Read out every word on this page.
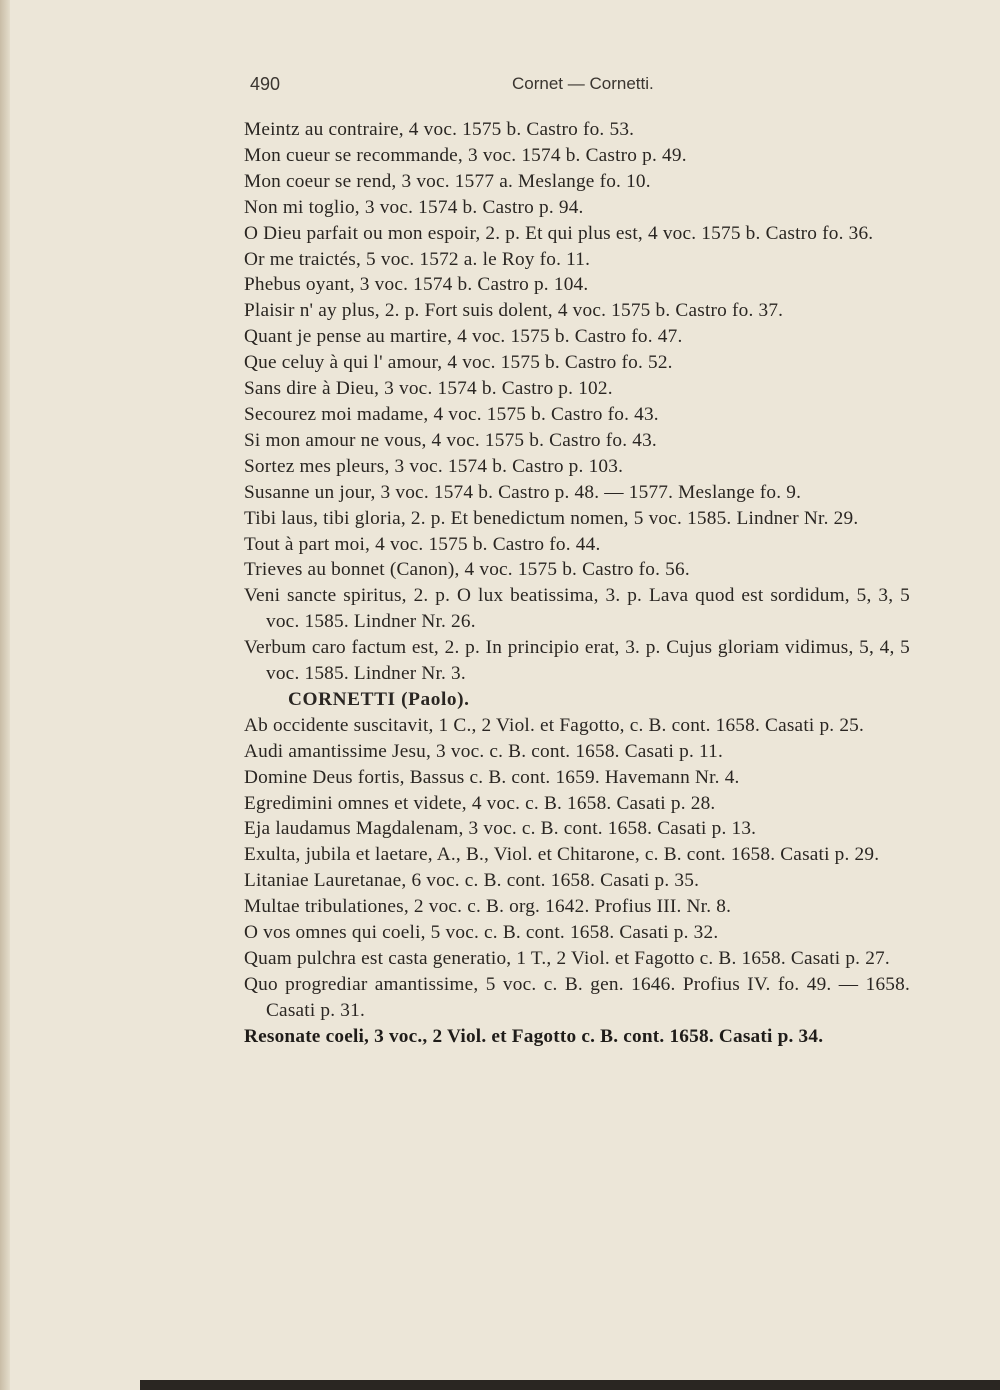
490	Cornet — Cornetti.

Meintz au contraire, 4 voc. 1575 b. Castro fo. 53.

Mon cueur se recommande, 3 voc. 1574 b. Castro p. 49.

Mon coeur se rend, 3 voc. 1577 a. Meslange fo. 10.

Non mi toglio, 3 voc. 1574 b. Castro p. 94.

O Dieu parfait ou mon espoir, 2. p. Et qui plus est, 4 voc. 1575 b. Castro fo. 36.

Or me traictés, 5 voc. 1572 a. le Roy fo. 11.

Phebus oyant, 3 voc. 1574 b. Castro p. 104.

Plaisir n' ay plus, 2. p. Fort suis dolent, 4 voc. 1575 b. Castro fo. 37.

Quant je pense au martire, 4 voc. 1575 b. Castro fo. 47.

Que celuy à qui l' amour, 4 voc. 1575 b. Castro fo. 52.

Sans dire à Dieu, 3 voc. 1574 b. Castro p. 102.

Secourez moi madame, 4 voc. 1575 b. Castro fo. 43.

Si mon amour ne vous, 4 voc. 1575 b. Castro fo. 43.

Sortez mes pleurs, 3 voc. 1574 b. Castro p. 103.

Susanne un jour, 3 voc. 1574 b. Castro p. 48. — 1577. Meslange fo. 9.

Tibi laus, tibi gloria, 2. p. Et benedictum nomen, 5 voc. 1585. Lindner Nr. 29.

Tout à part moi, 4 voc. 1575 b. Castro fo. 44.

Trieves au bonnet (Canon), 4 voc. 1575 b. Castro fo. 56.

Veni sancte spiritus, 2. p. O lux beatissima, 3. p. Lava quod est sordidum, 5, 3, 5 voc. 1585. Lindner Nr. 26.

Verbum caro factum est, 2. p. In principio erat, 3. p. Cujus gloriam vidimus, 5, 4, 5 voc. 1585. Lindner Nr. 3.

CORNETTI (Paolo).

Ab occidente suscitavit, 1 C., 2 Viol. et Fagotto, c. B. cont. 1658. Casati p. 25.

Audi amantissime Jesu, 3 voc. c. B. cont. 1658. Casati p. 11.

Domine Deus fortis, Bassus c. B. cont. 1659. Havemann Nr. 4.

Egredimini omnes et videte, 4 voc. c. B. 1658. Casati p. 28.

Eja laudamus Magdalenam, 3 voc. c. B. cont. 1658. Casati p. 13.

Exulta, jubila et laetare, A., B., Viol. et Chitarone, c. B. cont. 1658. Casati p. 29.

Litaniae Lauretanae, 6 voc. c. B. cont. 1658. Casati p. 35.

Multae tribulationes, 2 voc. c. B. org. 1642. Profius III. Nr. 8.

O vos omnes qui coeli, 5 voc. c. B. cont. 1658. Casati p. 32.

Quam pulchra est casta generatio, 1 T., 2 Viol. et Fagotto c. B. 1658. Casati p. 27.

Quo progrediar amantissime, 5 voc. c. B. gen. 1646. Profius IV. fo. 49. — 1658. Casati p. 31.

Resonate coeli, 3 voc., 2 Viol. et Fagotto c. B. cont. 1658. Casati p. 34.
